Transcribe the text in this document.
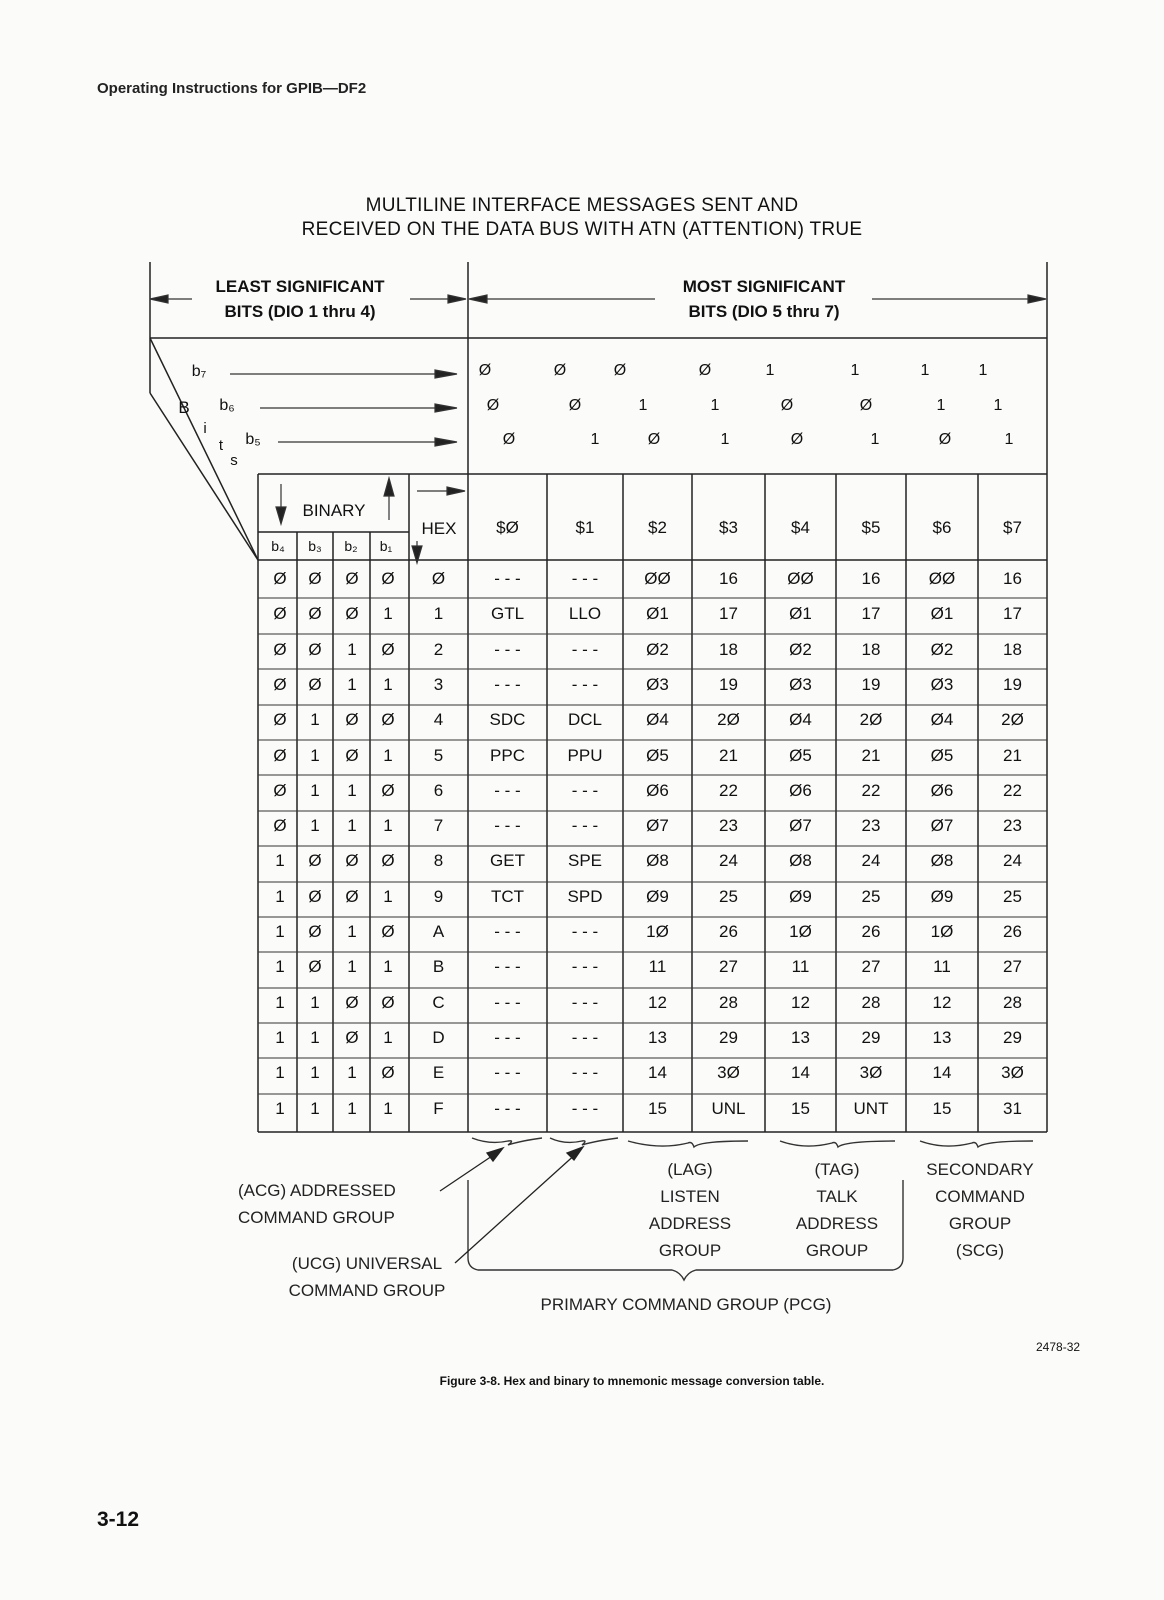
Operating Instructions for GPIB—DF2
MULTILINE INTERFACE MESSAGES SENT AND
RECEIVED ON THE DATA BUS WITH ATN (ATTENTION) TRUE
LEAST SIGNIFICANT
BITS (DIO 1 thru 4)
MOST SIGNIFICANT
BITS (DIO 5 thru 7)
B
i
t
s
b₇
b₆
b₅
Ø	Ø	Ø	Ø	1	1	1	1
Ø	Ø	1	1	Ø	Ø	1	1
Ø	1	Ø	1	Ø	1	Ø	1
BINARY
HEX
b₄	b₃	b₂	b₁
$Ø	$1	$2	$3	$4	$5	$6	$7
Ø	Ø	Ø	Ø	Ø	- - -	- - -	ØØ	16	ØØ	16	ØØ	16
Ø	Ø	Ø	1	1	GTL	LLO	Ø1	17	Ø1	17	Ø1	17
Ø	Ø	1	Ø	2	- - -	- - -	Ø2	18	Ø2	18	Ø2	18
Ø	Ø	1	1	3	- - -	- - -	Ø3	19	Ø3	19	Ø3	19
Ø	1	Ø	Ø	4	SDC	DCL	Ø4	2Ø	Ø4	2Ø	Ø4	2Ø
Ø	1	Ø	1	5	PPC	PPU	Ø5	21	Ø5	21	Ø5	21
Ø	1	1	Ø	6	- - -	- - -	Ø6	22	Ø6	22	Ø6	22
Ø	1	1	1	7	- - -	- - -	Ø7	23	Ø7	23	Ø7	23
1	Ø	Ø	Ø	8	GET	SPE	Ø8	24	Ø8	24	Ø8	24
1	Ø	Ø	1	9	TCT	SPD	Ø9	25	Ø9	25	Ø9	25
1	Ø	1	Ø	A	- - -	- - -	1Ø	26	1Ø	26	1Ø	26
1	Ø	1	1	B	- - -	- - -	11	27	11	27	11	27
1	1	Ø	Ø	C	- - -	- - -	12	28	12	28	12	28
1	1	Ø	1	D	- - -	- - -	13	29	13	29	13	29
1	1	1	Ø	E	- - -	- - -	14	3Ø	14	3Ø	14	3Ø
1	1	1	1	F	- - -	- - -	15	UNL	15	UNT	15	31
(ACG) ADDRESSED
COMMAND GROUP
(UCG) UNIVERSAL
COMMAND GROUP
(LAG)
LISTEN
ADDRESS
GROUP
(TAG)
TALK
ADDRESS
GROUP
SECONDARY
COMMAND
GROUP
(SCG)
PRIMARY COMMAND GROUP (PCG)
2478-32
Figure 3-8. Hex and binary to mnemonic message conversion table.
3-12
